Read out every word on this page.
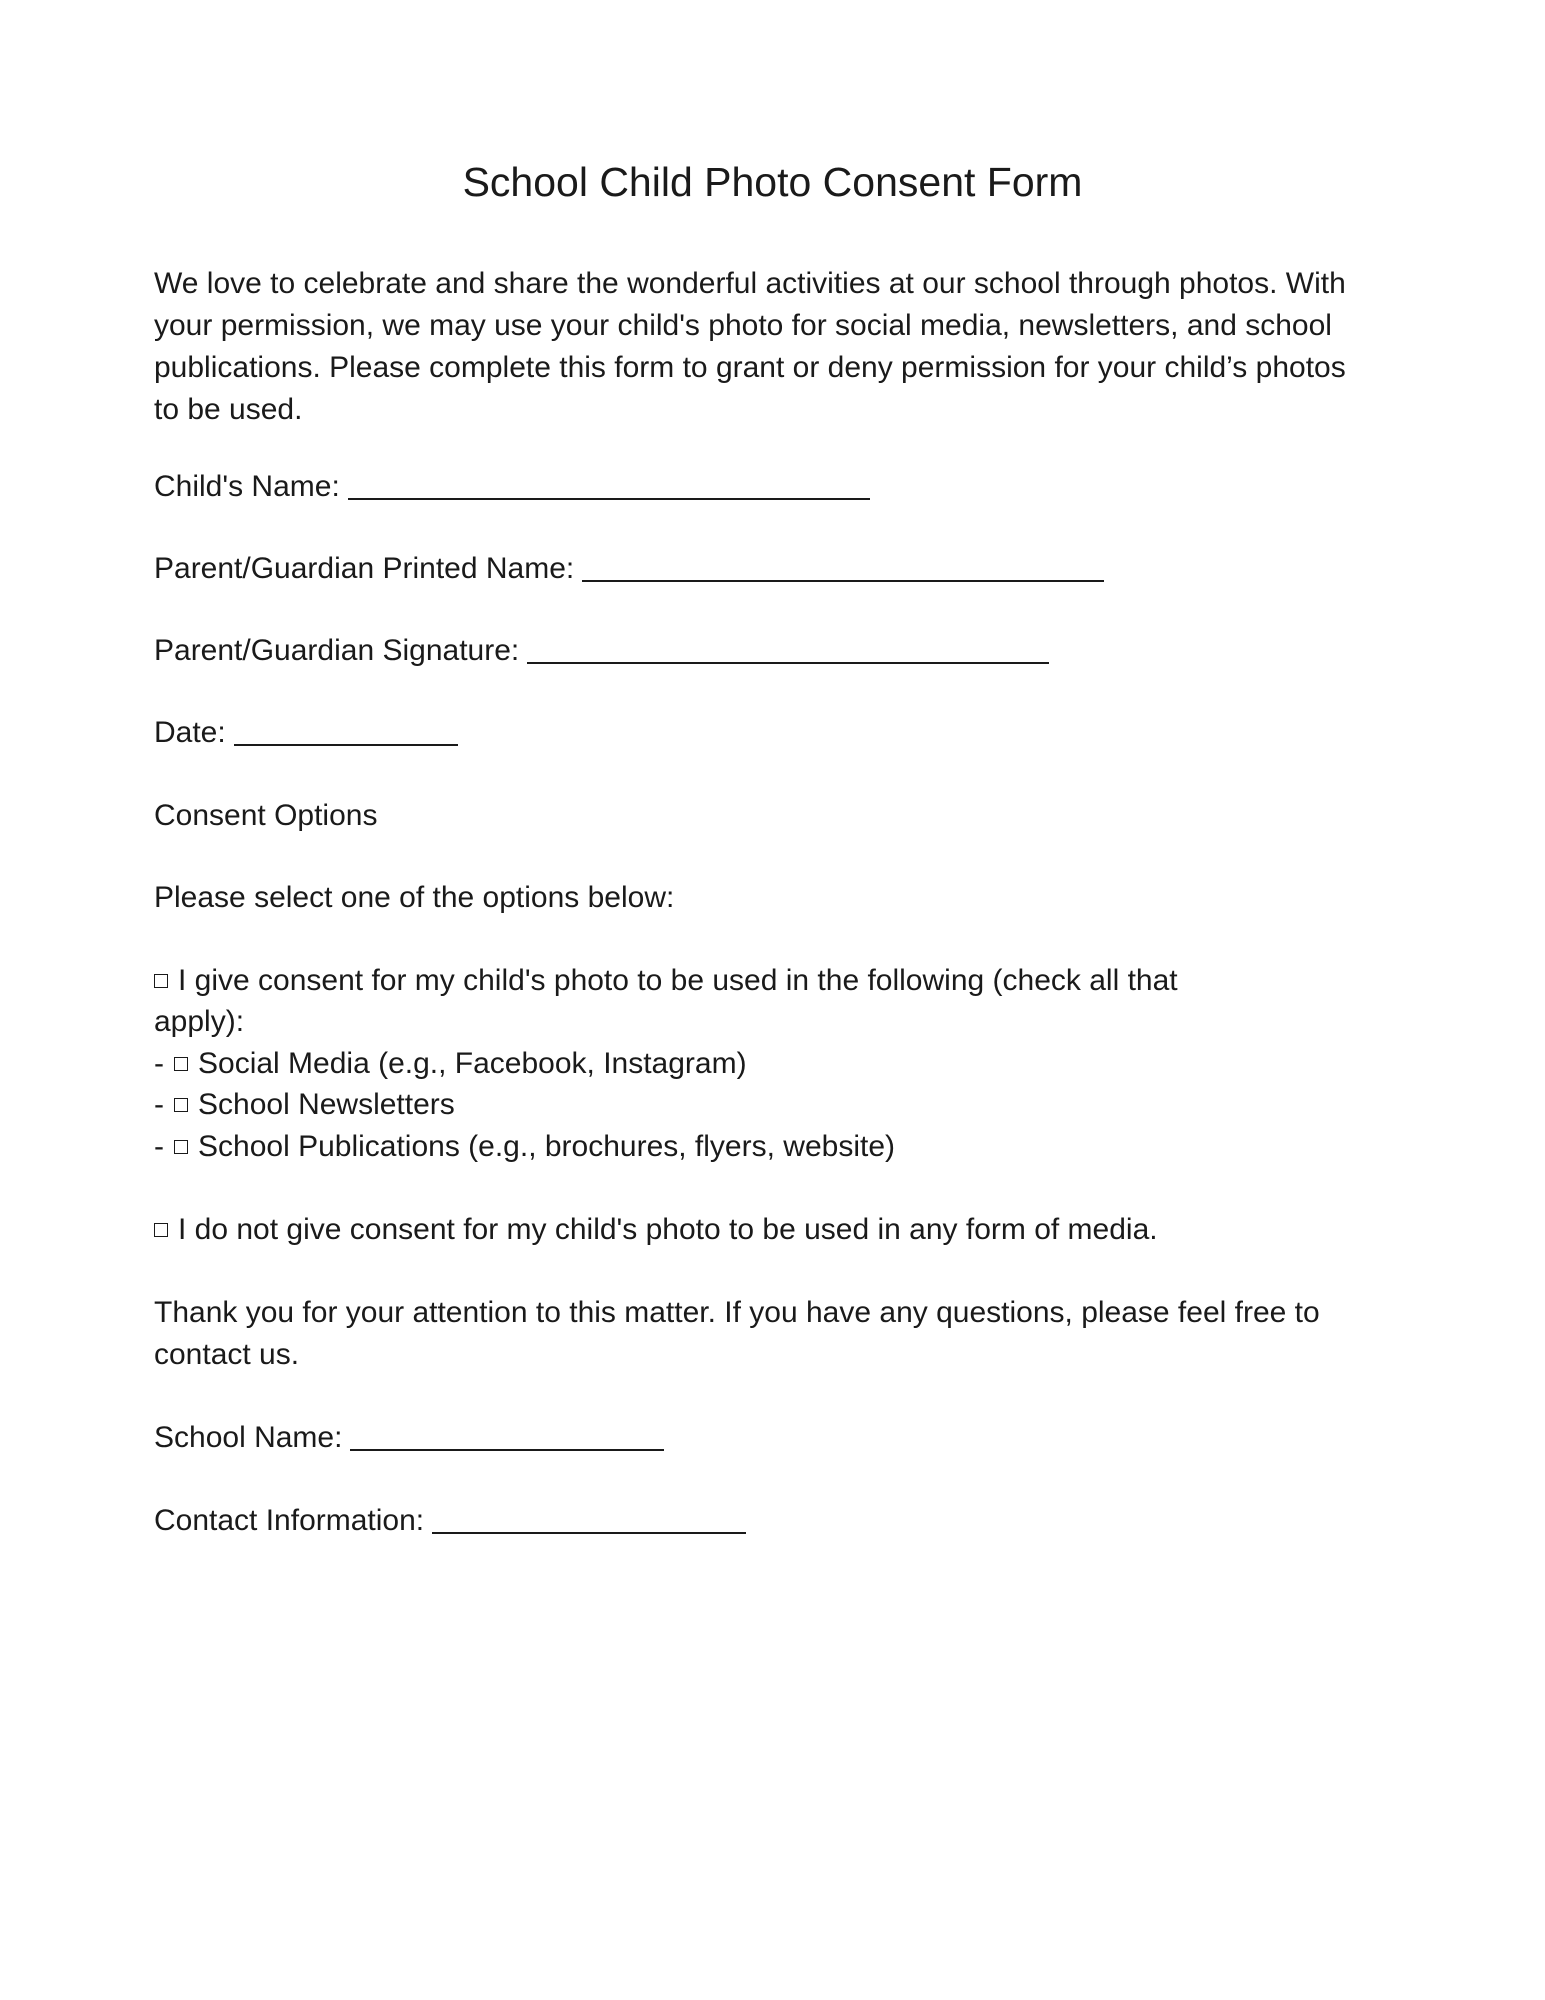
School Child Photo Consent Form

We love to celebrate and share the wonderful activities at our school through photos. With your permission, we may use your child's photo for social media, newsletters, and school publications. Please complete this form to grant or deny permission for your child’s photos to be used.

Child's Name:
Parent/Guardian Printed Name:
Parent/Guardian Signature:
Date:
Consent Options
Please select one of the options below:
I give consent for my child's photo to be used in the following (check all that
apply):
- Social Media (e.g., Facebook, Instagram)
- School Newsletters
- School Publications (e.g., brochures, flyers, website)
I do not give consent for my child's photo to be used in any form of media.

Thank you for your attention to this matter. If you have any questions, please feel free to contact us.

School Name:
Contact Information:
